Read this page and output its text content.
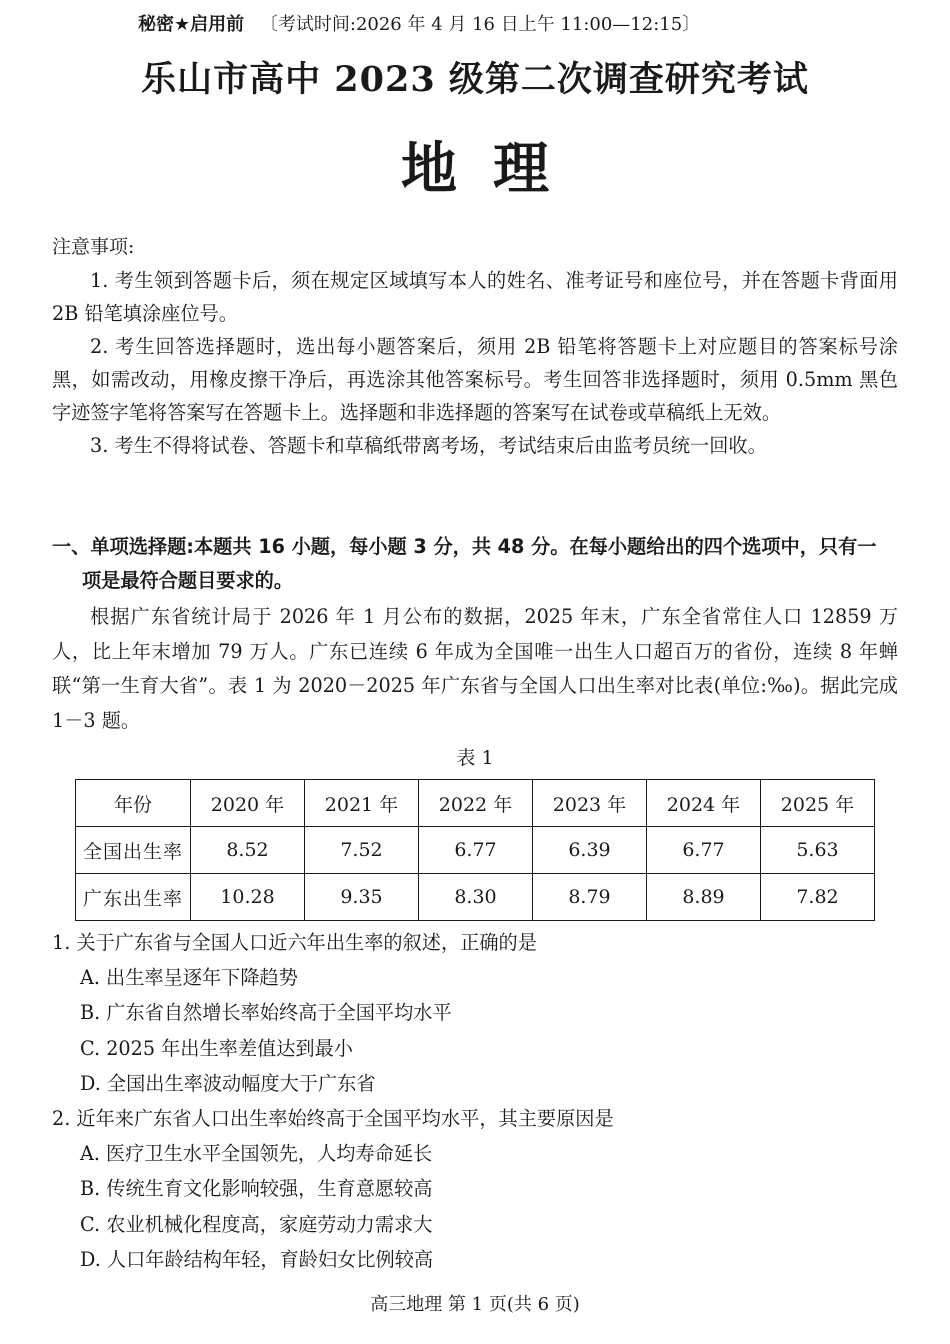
秘密★启用前 〔考试时间:2026 年 4 月 16 日上午 11:00—12:15〕
乐山市高中 2023 级第二次调查研究考试
地理
注意事项:

1. 考生领到答题卡后，须在规定区域填写本人的姓名、准考证号和座位号，并在答题卡背面用 2B 铅笔填涂座位号。

2. 考生回答选择题时，选出每小题答案后，须用 2B 铅笔将答题卡上对应题目的答案标号涂黑，如需改动，用橡皮擦干净后，再选涂其他答案标号。考生回答非选择题时，须用 0.5mm 黑色字迹签字笔将答案写在答题卡上。选择题和非选择题的答案写在试卷或草稿纸上无效。

3. 考生不得将试卷、答题卡和草稿纸带离考场，考试结束后由监考员统一回收。

一、单项选择题:本题共 16 小题，每小题 3 分，共 48 分。在每小题给出的四个选项中，只有一
项是最符合题目要求的。
根据广东省统计局于 2026 年 1 月公布的数据，2025 年末，广东全省常住人口 12859 万人，比上年末增加 79 万人。广东已连续 6 年成为全国唯一出生人口超百万的省份，连续 8 年蝉联“第一生育大省”。表 1 为 2020－2025 年广东省与全国人口出生率对比表(单位:‰)。据此完成 1－3 题。
表 1
年份	2020 年	2021 年	2022 年	2023 年	2024 年	2025 年
全国出生率	8.52	7.52	6.77	6.39	6.77	5.63
广东出生率	10.28	9.35	8.30	8.79	8.89	7.82
1. 关于广东省与全国人口近六年出生率的叙述，正确的是
A. 出生率呈逐年下降趋势
B. 广东省自然增长率始终高于全国平均水平
C. 2025 年出生率差值达到最小
D. 全国出生率波动幅度大于广东省
2. 近年来广东省人口出生率始终高于全国平均水平，其主要原因是
A. 医疗卫生水平全国领先，人均寿命延长
B. 传统生育文化影响较强，生育意愿较高
C. 农业机械化程度高，家庭劳动力需求大
D. 人口年龄结构年轻，育龄妇女比例较高
高三地理 第 1 页(共 6 页)
